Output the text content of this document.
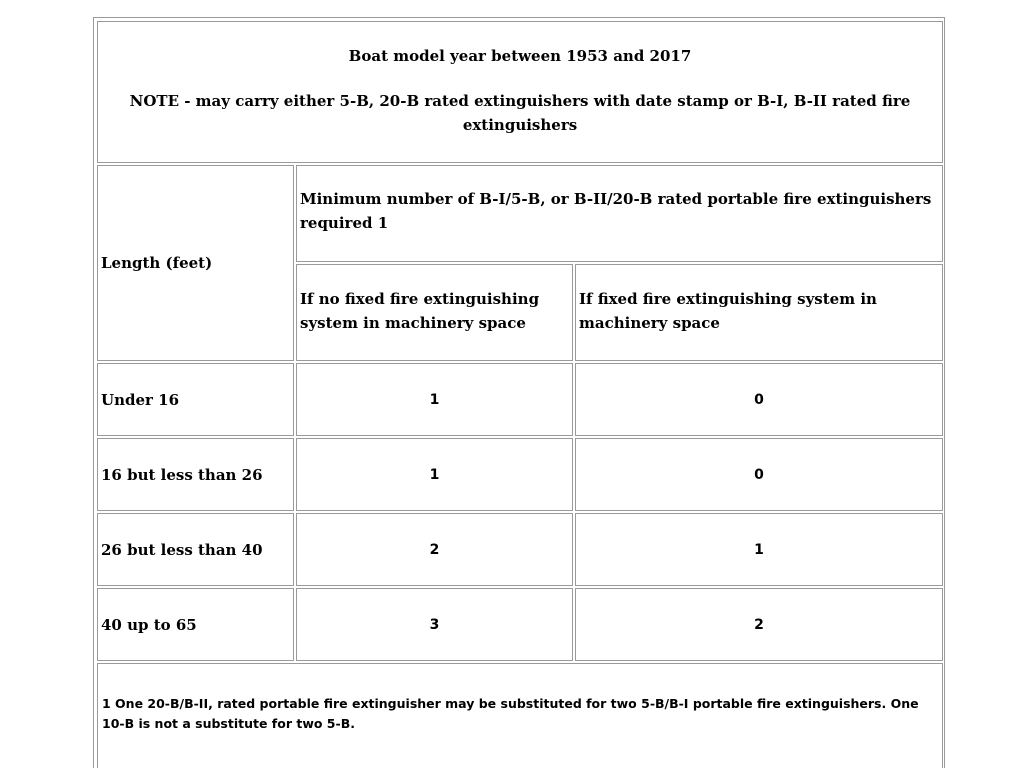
Boat model year between 1953 and 2017

NOTE - may carry either 5-B, 20-B rated extinguishers with date stamp or B-I, B-II rated fire extinguishers

Length (feet)
Minimum number of B-I/5-B, or B-II/20-B rated portable fire extinguishers required 1
If no fixed fire extinguishing system in machinery space
If fixed fire extinguishing system in machinery space
Under 16	1	0
16 but less than 26	1	0
26 but less than 40	2	1
40 up to 65	3	2
1 One 20-B/B-II, rated portable fire extinguisher may be substituted for two 5-B/B-I portable fire extinguishers. One 10-B is not a substitute for two 5-B.
